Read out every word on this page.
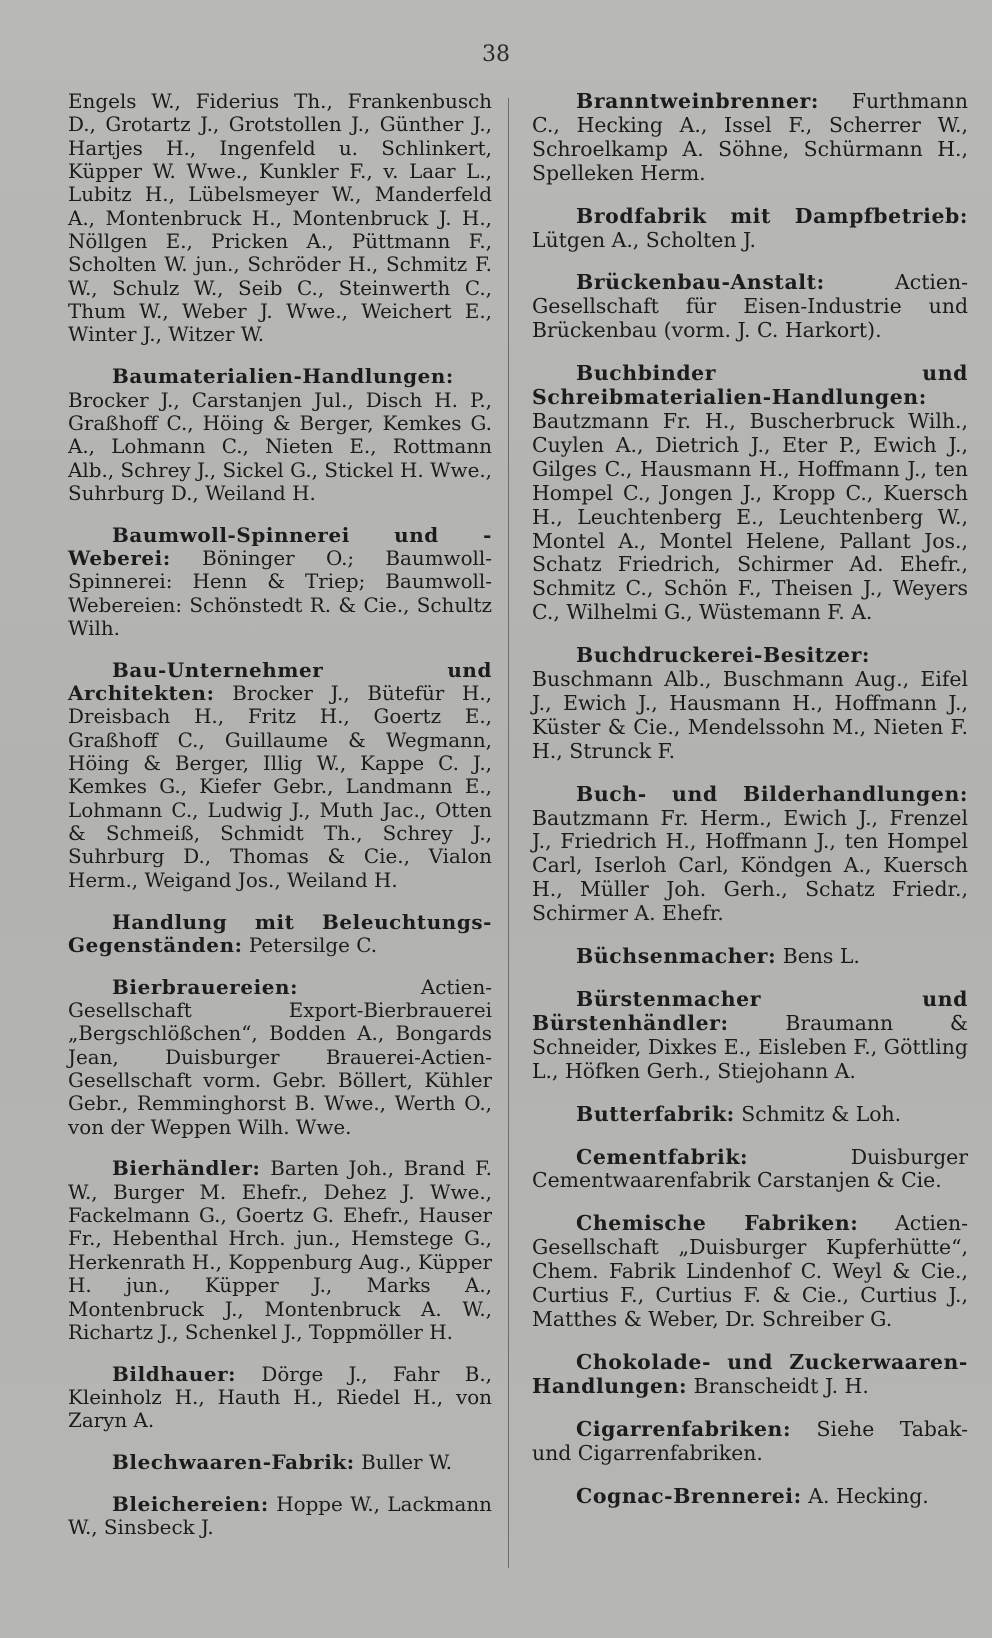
38

Engels W., Fiderius Th., Frankenbusch D., Grotartz J., Grotstollen J., Günther J., Hartjes H., Ingenfeld u. Schlinkert, Küpper W. Wwe., Kunkler F., v. Laar L., Lubitz H., Lübelsmeyer W., Manderfeld A., Montenbruck H., Montenbruck J. H., Nöllgen E., Pricken A., Püttmann F., Scholten W. jun., Schröder H., Schmitz F. W., Schulz W., Seib C., Steinwerth C., Thum W., Weber J. Wwe., Weichert E., Winter J., Witzer W.

Baumaterialien-Handlungen: Brocker J., Carstanjen Jul., Disch H. P., Graßhoff C., Höing & Berger, Kemkes G. A., Lohmann C., Nieten E., Rottmann Alb., Schrey J., Sickel G., Stickel H. Wwe., Suhrburg D., Weiland H.

Baumwoll-Spinnerei und -Weberei: Böninger O.; Baumwoll-Spinnerei: Henn & Triep; Baumwoll-Webereien: Schönstedt R. & Cie., Schultz Wilh.

Bau-Unternehmer und Architekten: Brocker J., Bütefür H., Dreisbach H., Fritz H., Goertz E., Graßhoff C., Guillaume & Wegmann, Höing & Berger, Illig W., Kappe C. J., Kemkes G., Kiefer Gebr., Landmann E., Lohmann C., Ludwig J., Muth Jac., Otten & Schmeiß, Schmidt Th., Schrey J., Suhrburg D., Thomas & Cie., Vialon Herm., Weigand Jos., Weiland H.

Handlung mit Beleuchtungs-Gegenständen: Petersilge C.

Bierbrauereien:	Actien-Gesellschaft Export-Bierbrauerei „Bergschlößchen“, Bodden A., Bongards Jean, Duisburger Brauerei-Actien-Gesellschaft vorm. Gebr. Böllert, Kühler Gebr., Remminghorst B. Wwe., Werth O., von der Weppen Wilh. Wwe.

Bierhändler: Barten Joh., Brand F. W., Burger M. Ehefr., Dehez J. Wwe., Fackelmann G., Goertz G. Ehefr., Hauser Fr., Hebenthal Hrch. jun., Hemstege G., Herkenrath H., Koppenburg Aug., Küpper H. jun., Küpper J., Marks A., Montenbruck J., Montenbruck A. W., Richartz J., Schenkel J., Toppmöller H.

Bildhauer: Dörge J., Fahr B., Kleinholz H., Hauth H., Riedel H., von Zaryn A.

Blechwaaren-Fabrik: Buller W.

Bleichereien: Hoppe W., Lackmann W., Sinsbeck J.

Branntweinbrenner: Furthmann C., Hecking A., Issel F., Scherrer W., Schroelkamp A. Söhne, Schürmann H., Spelleken Herm.

Brodfabrik mit Dampfbetrieb: Lütgen A., Scholten J.

Brückenbau-Anstalt:	Actien-Gesellschaft für Eisen-Industrie und Brückenbau (vorm. J. C. Harkort).

Buchbinder und Schreibmaterialien-Handlungen: Bautzmann Fr. H., Buscherbruck Wilh., Cuylen A., Dietrich J., Eter P., Ewich J., Gilges C., Hausmann H., Hoffmann J., ten Hompel C., Jongen J., Kropp C., Kuersch H., Leuchtenberg E., Leuchtenberg W., Montel A., Montel Helene, Pallant Jos., Schatz Friedrich, Schirmer Ad. Ehefr., Schmitz C., Schön F., Theisen J., Weyers C., Wilhelmi G., Wüstemann F. A.

Buchdruckerei-Besitzer: Buschmann Alb., Buschmann Aug., Eifel J., Ewich J., Hausmann H., Hoffmann J., Küster & Cie., Mendelssohn M., Nieten F. H., Strunck F.

Buch- und Bilderhandlungen: Bautzmann Fr. Herm., Ewich J., Frenzel J., Friedrich H., Hoffmann J., ten Hompel Carl, Iserloh Carl, Köndgen A., Kuersch H., Müller Joh. Gerh., Schatz Friedr., Schirmer A. Ehefr.

Büchsenmacher: Bens L.

Bürstenmacher und Bürstenhändler:	Braumann & Schneider, Dixkes E., Eisleben F., Göttling L., Höfken Gerh., Stiejohann A.

Butterfabrik: Schmitz & Loh.

Cementfabrik:	Duisburger Cementwaarenfabrik Carstanjen & Cie.

Chemische Fabriken: Actien-Gesellschaft „Duisburger Kupferhütte“, Chem. Fabrik Lindenhof C. Weyl & Cie., Curtius F., Curtius F. & Cie., Curtius J., Matthes & Weber, Dr. Schreiber G.

Chokolade- und Zuckerwaaren-Handlungen: Branscheidt J. H.

Cigarrenfabriken: Siehe Tabak- und Cigarrenfabriken.

Cognac-Brennerei: A. Hecking.
